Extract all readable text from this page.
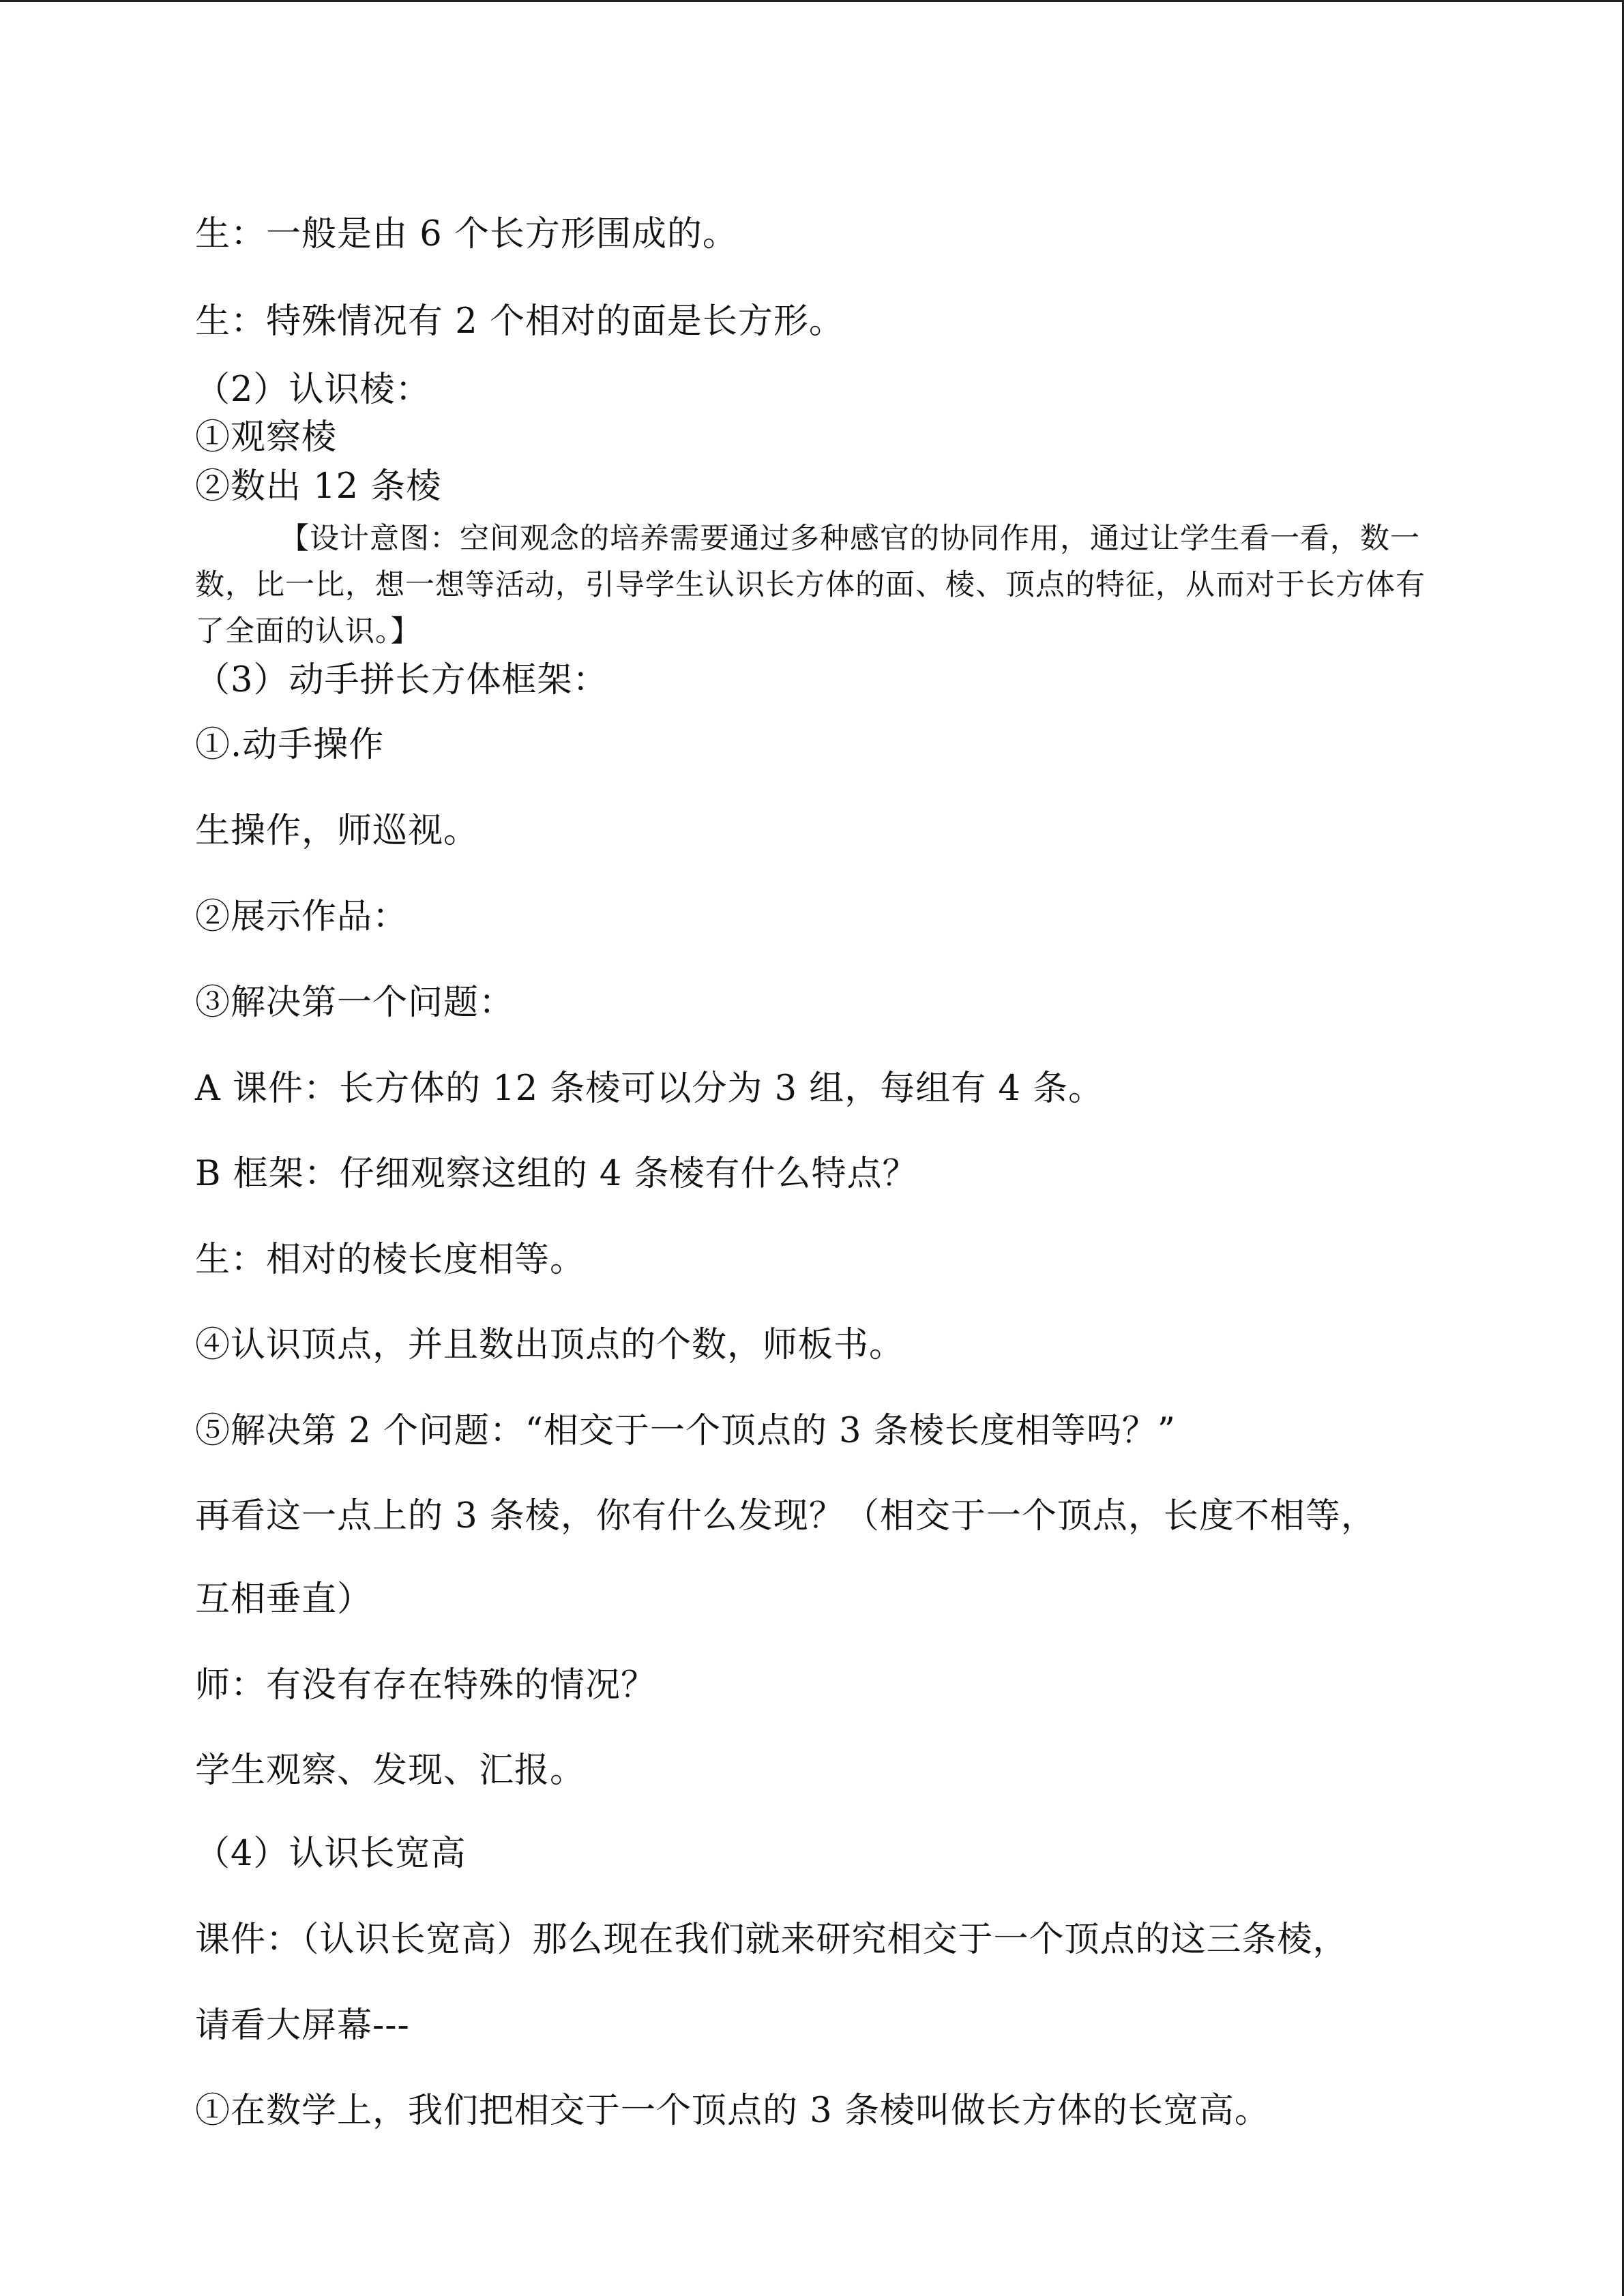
生：一般是由 6 个长方形围成的。
生：特殊情况有 2 个相对的面是长方形。
（2）认识棱：
①观察棱
②数出 12 条棱
【设计意图：空间观念的培养需要通过多种感官的协同作用，通过让学生看一看，数一数，比一比，想一想等活动，引导学生认识长方体的面、棱、顶点的特征，从而对于长方体有了全面的认识。】
（3）动手拼长方体框架：
①.动手操作
生操作，师巡视。
②展示作品：
③解决第一个问题：
A 课件：长方体的 12 条棱可以分为 3 组，每组有 4 条。
B 框架：仔细观察这组的 4 条棱有什么特点？
生：相对的棱长度相等。
④认识顶点，并且数出顶点的个数，师板书。
⑤解决第 2 个问题：“相交于一个顶点的 3 条棱长度相等吗？”
再看这一点上的 3 条棱，你有什么发现？（相交于一个顶点，长度不相等，
互相垂直）
师：有没有存在特殊的情况？
学生观察、发现、汇报。
（4）认识长宽高
课件：（认识长宽高）那么现在我们就来研究相交于一个顶点的这三条棱，
请看大屏幕---
①在数学上，我们把相交于一个顶点的 3 条棱叫做长方体的长宽高。
